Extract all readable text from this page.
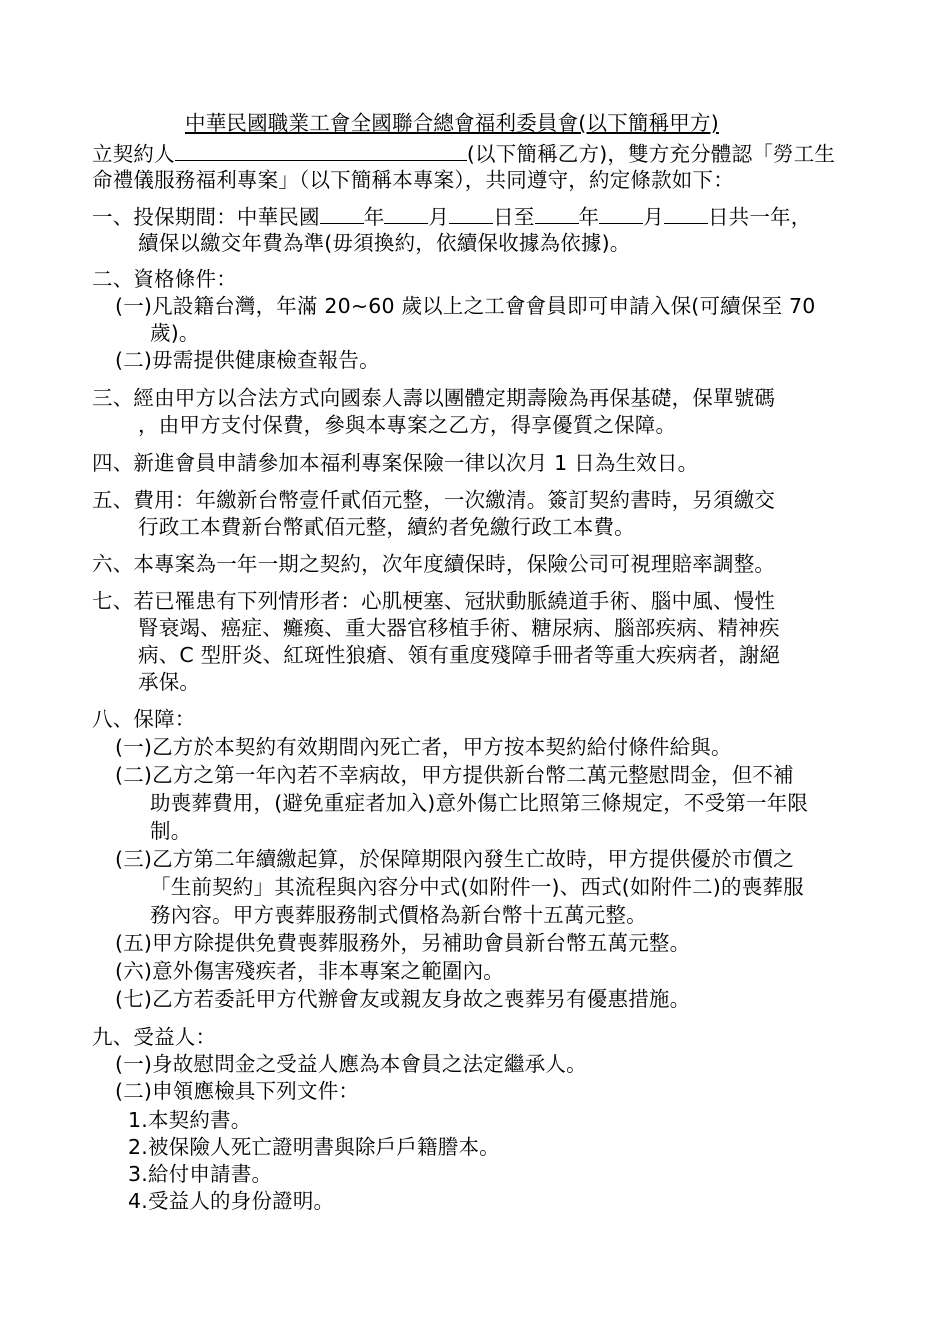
中華民國職業工會全國聯合總會福利委員會(以下簡稱甲方)
立契約人	(以下簡稱乙方)，雙方充分體認「勞工生
命禮儀服務福利專案」（以下簡稱本專案），共同遵守，約定條款如下：
一、投保期間：中華民國 年 月 日至 年 月 日共一年，
續保以繳交年費為準(毋須換約，依續保收據為依據)。
二、資格條件：
(一)凡設籍台灣，年滿 20~60 歲以上之工會會員即可申請入保(可續保至 70
歲)。
(二)毋需提供健康檢查報告。
三、經由甲方以合法方式向國泰人壽以團體定期壽險為再保基礎，保單號碼
，由甲方支付保費，參與本專案之乙方，得享優質之保障。
四、新進會員申請參加本福利專案保險一律以次月 1 日為生效日。
五、費用：年繳新台幣壹仟貳佰元整，一次繳清。簽訂契約書時，另須繳交
行政工本費新台幣貳佰元整，續約者免繳行政工本費。
六、本專案為一年一期之契約，次年度續保時，保險公司可視理賠率調整。
七、若已罹患有下列情形者：心肌梗塞、冠狀動脈繞道手術、腦中風、慢性
腎衰竭、癌症、癱瘓、重大器官移植手術、糖尿病、腦部疾病、精神疾
病、C 型肝炎、紅斑性狼瘡、領有重度殘障手冊者等重大疾病者，謝絕
承保。
八、保障：
(一)乙方於本契約有效期間內死亡者，甲方按本契約給付條件給與。
(二)乙方之第一年內若不幸病故，甲方提供新台幣二萬元整慰問金，但不補
助喪葬費用，(避免重症者加入)意外傷亡比照第三條規定，不受第一年限
制。
(三)乙方第二年續繳起算，於保障期限內發生亡故時，甲方提供優於市價之
「生前契約」其流程與內容分中式(如附件一)、西式(如附件二)的喪葬服
務內容。甲方喪葬服務制式價格為新台幣十五萬元整。
(五)甲方除提供免費喪葬服務外，另補助會員新台幣五萬元整。
(六)意外傷害殘疾者，非本專案之範圍內。
(七)乙方若委託甲方代辦會友或親友身故之喪葬另有優惠措施。
九、受益人：
(一)身故慰問金之受益人應為本會員之法定繼承人。
(二)申領應檢具下列文件：
1.本契約書。
2.被保險人死亡證明書與除戶戶籍謄本。
3.給付申請書。
4.受益人的身份證明。
